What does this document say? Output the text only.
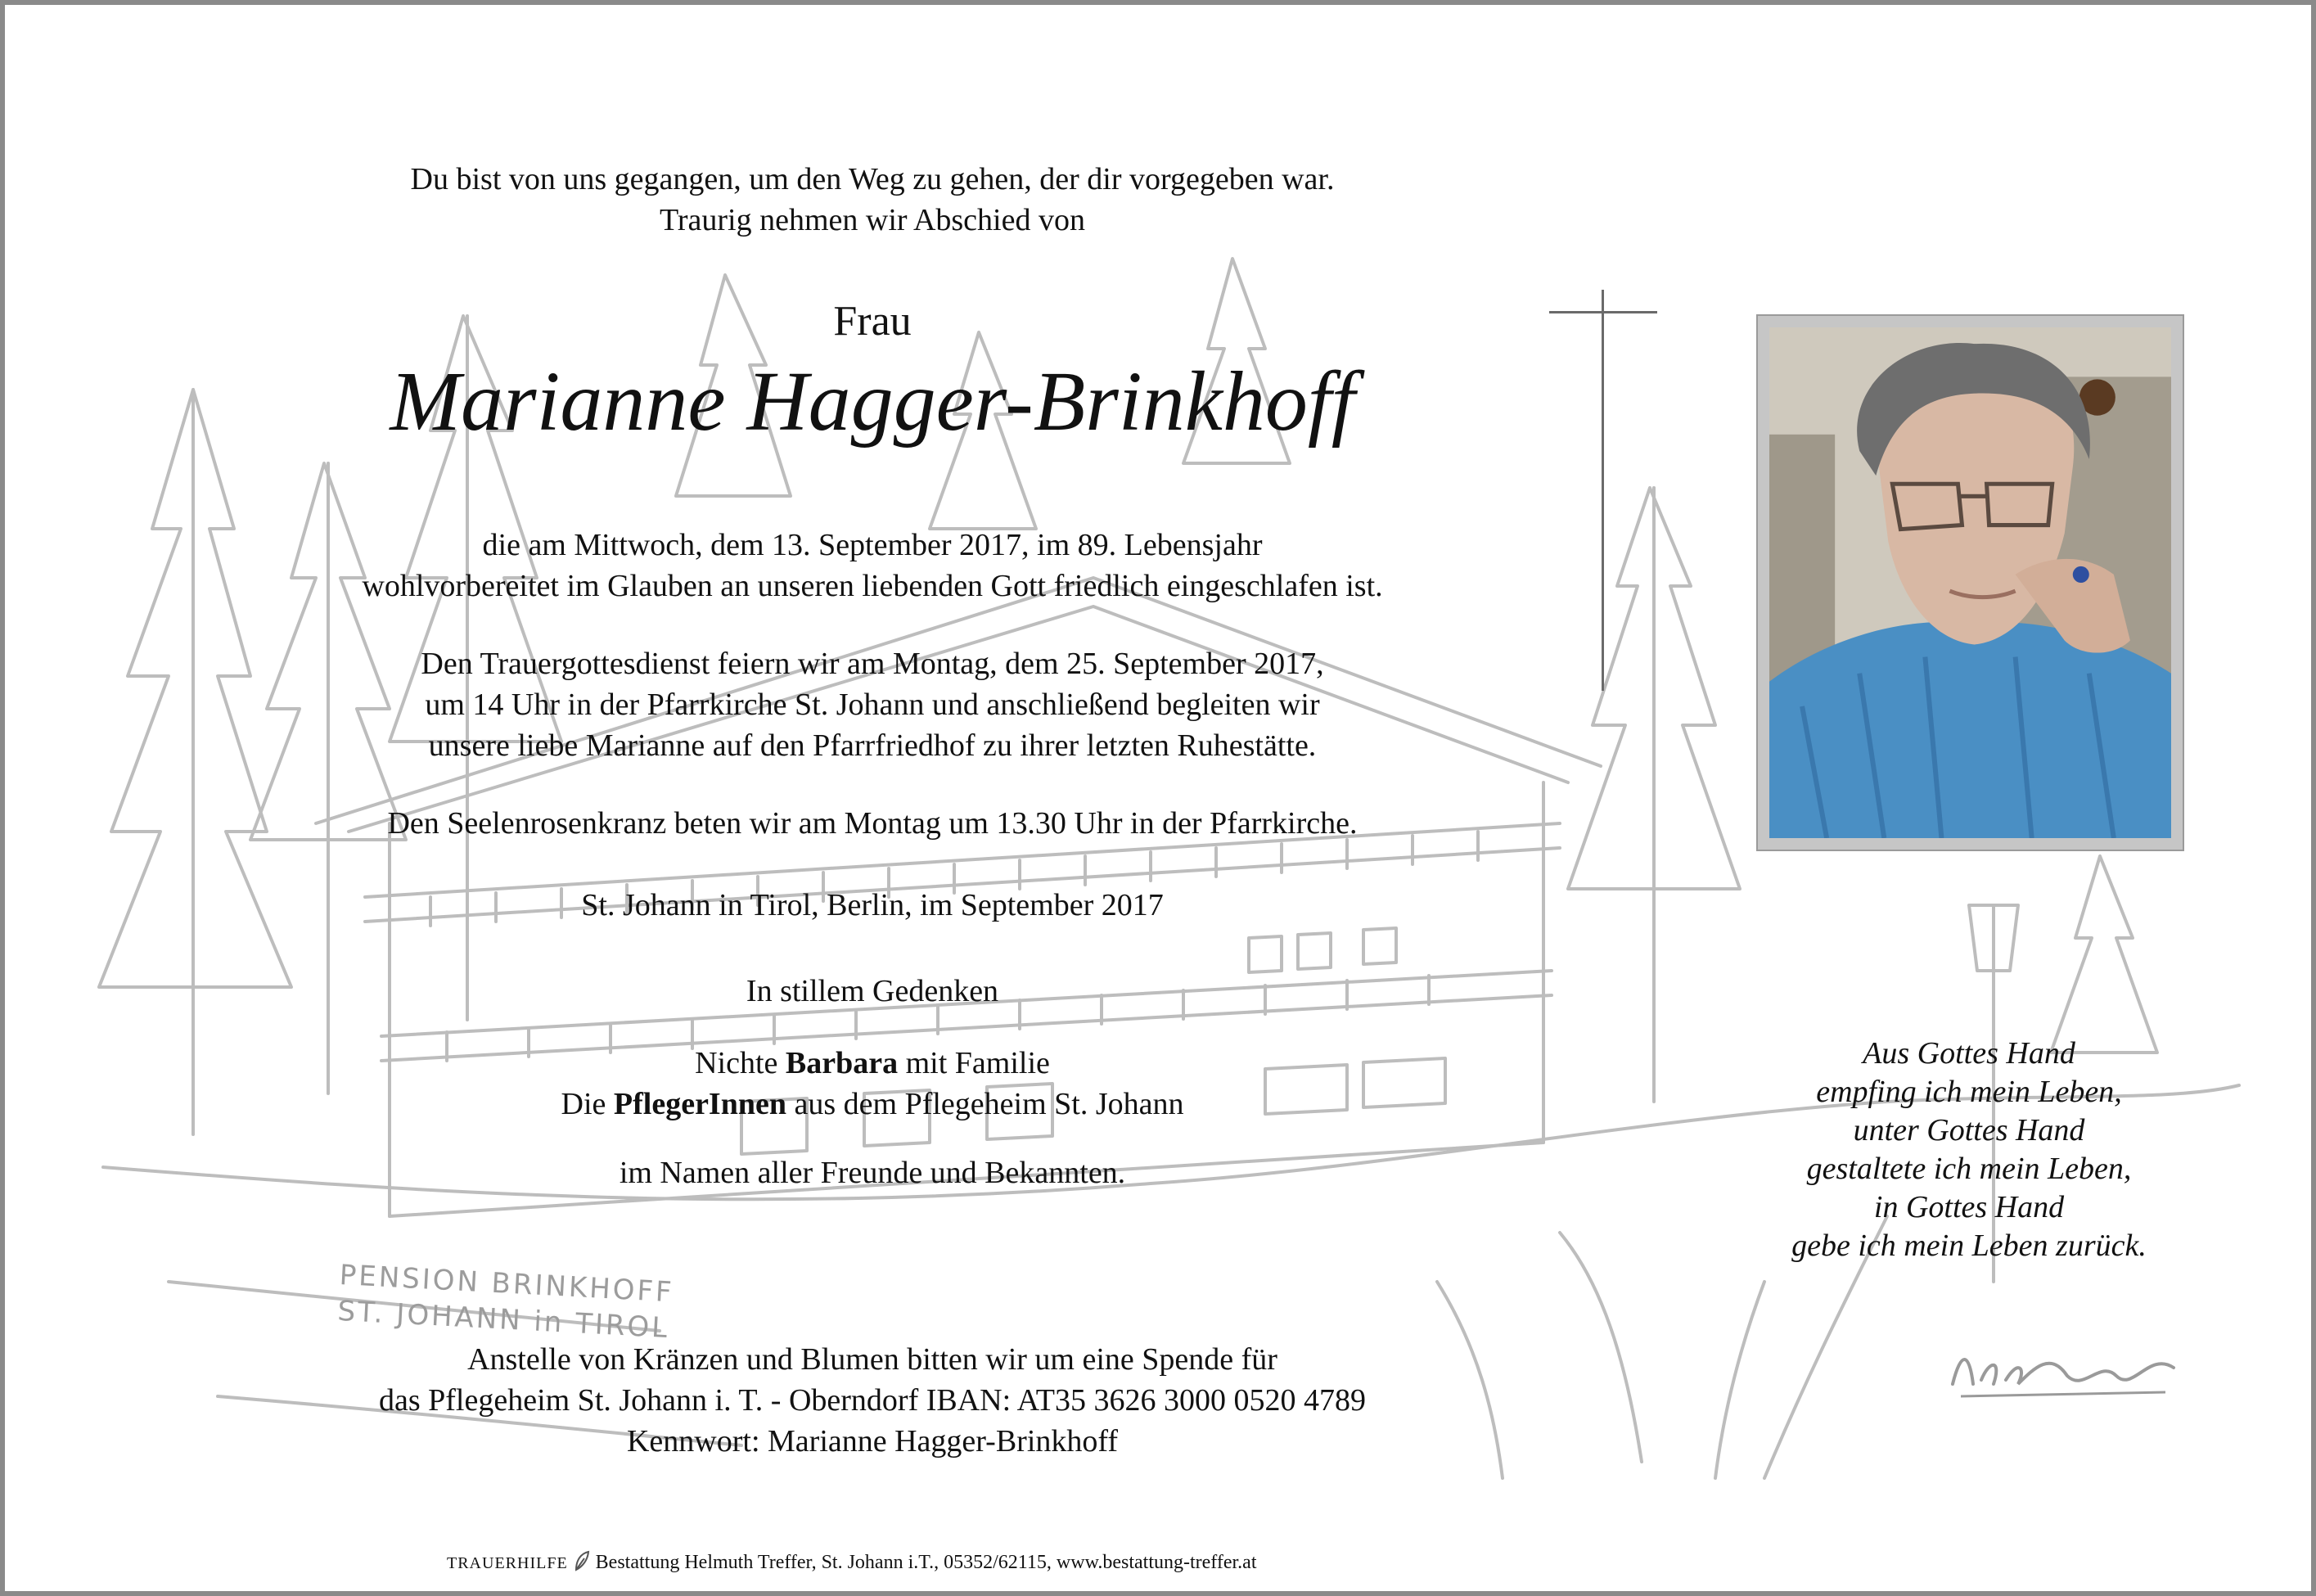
Du bist von uns gegangen, um den Weg zu gehen, der dir vorgegeben war.
Traurig nehmen wir Abschied von
Frau
Marianne Hagger-Brinkhoff
die am Mittwoch, dem 13. September 2017, im 89. Lebensjahr
wohlvorbereitet im Glauben an unseren liebenden Gott friedlich eingeschlafen ist.
Den Trauergottesdienst feiern wir am Montag, dem 25. September 2017,
um 14 Uhr in der Pfarrkirche St. Johann und anschließend begleiten wir
unsere liebe Marianne auf den Pfarrfriedhof zu ihrer letzten Ruhestätte.
Den Seelenrosenkranz beten wir am Montag um 13.30 Uhr in der Pfarrkirche.
St. Johann in Tirol, Berlin, im September 2017
In stillem Gedenken
Nichte Barbara mit Familie
Die PflegerInnen aus dem Pflegeheim St. Johann
im Namen aller Freunde und Bekannten.
Anstelle von Kränzen und Blumen bitten wir um eine Spende für
das Pflegeheim St. Johann i. T. - Oberndorf IBAN: AT35 3626 3000 0520 4789
Kennwort: Marianne Hagger-Brinkhoff
Aus Gottes Hand
empfing ich mein Leben,
unter Gottes Hand
gestaltete ich mein Leben,
in Gottes Hand
gebe ich mein Leben zurück.
PENSION BRINKHOFF
ST. JOHANN in TIROL
TRAUERHILFE Bestattung Helmuth Treffer, St. Johann i.T., 05352/62115, www.bestattung-treffer.at
